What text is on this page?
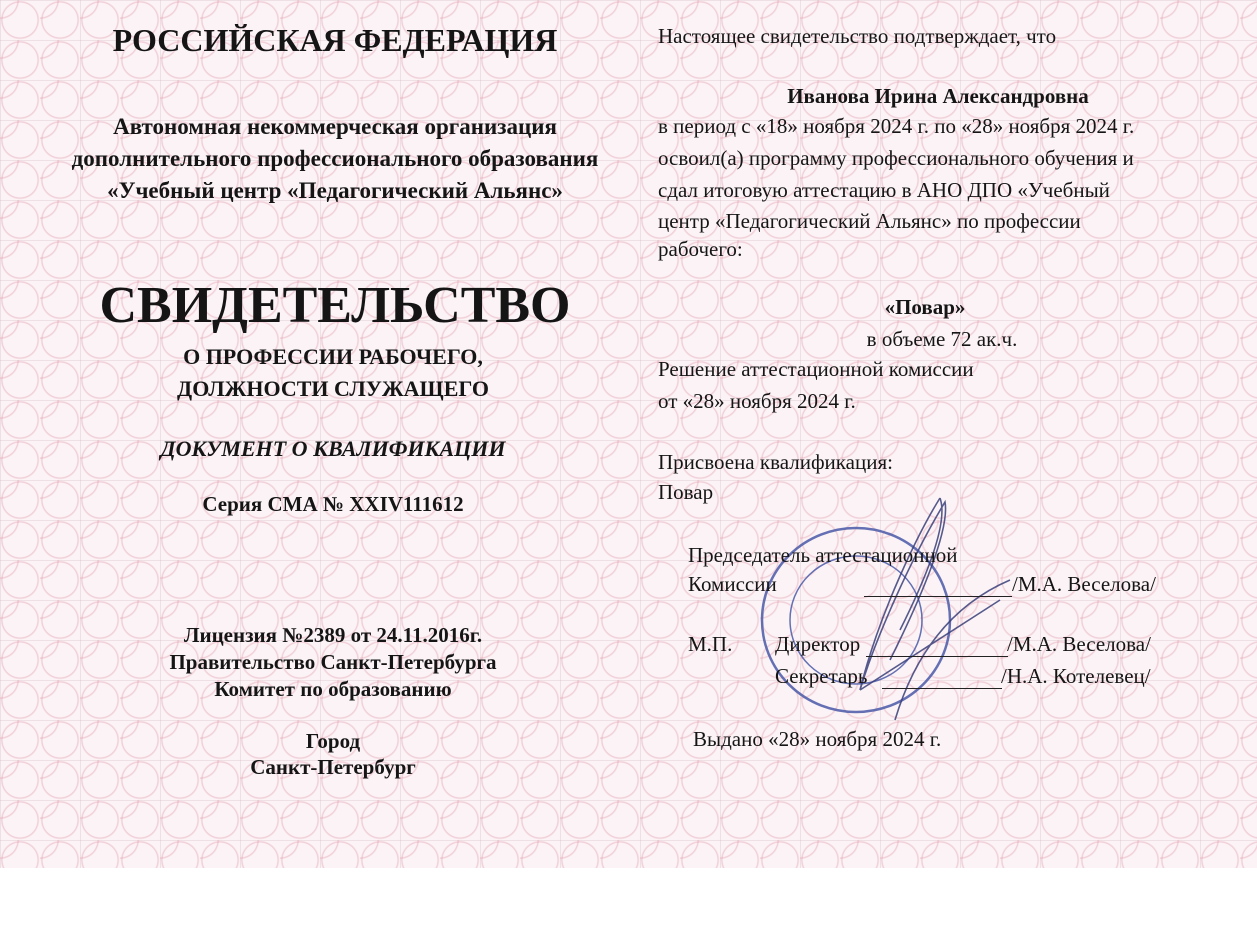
РОССИЙСКАЯ ФЕДЕРАЦИЯ
Автономная некоммерческая организация
дополнительного профессионального образования
«Учебный центр «Педагогический Альянс»
СВИДЕТЕЛЬСТВО
О ПРОФЕССИИ РАБОЧЕГО,
ДОЛЖНОСТИ СЛУЖАЩЕГО
ДОКУМЕНТ О КВАЛИФИКАЦИИ
Серия СМА № XXIV111612
Лицензия №2389 от 24.11.2016г.
Правительство Санкт-Петербурга
Комитет по образованию
Город
Санкт-Петербург
Настоящее свидетельство подтверждает, что
Иванова Ирина Александровна
в период с «18» ноября 2024 г. по «28» ноября 2024 г.
освоил(а) программу профессионального обучения и
сдал итоговую аттестацию в АНО ДПО «Учебный
центр «Педагогический Альянс» по профессии
рабочего:
«Повар»
в объеме 72 ак.ч.
Решение аттестационной комиссии
от «28» ноября 2024 г.
Присвоена квалификация:
Повар
Председатель аттестационной
Комиссии	/М.А. Веселова/
М.П. Директор	/М.А. Веселова/
Секретарь	/Н.А. Котелевец/
Выдано «28» ноября 2024 г.
